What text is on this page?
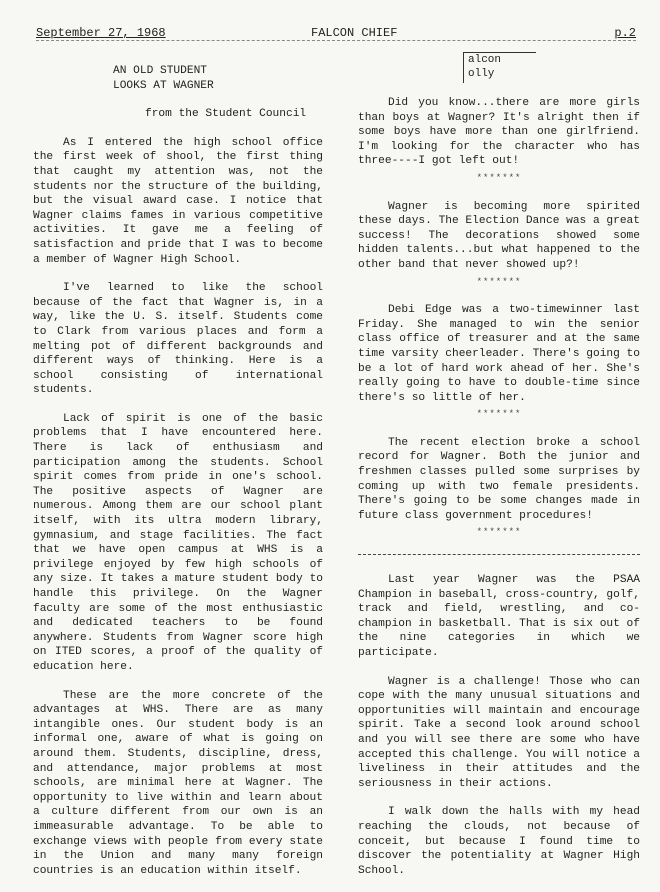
September 27, 1968	FALCON CHIEF	p.2
alcon
olly
AN OLD STUDENT
LOOKS AT WAGNER
from the Student Council

As I entered the high school office the first week of shool, the first thing that caught my attention was, not the students nor the structure of the building, but the visual award case. I notice that Wagner claims fames in various competitive activities. It gave me a feeling of satisfaction and pride that I was to become a member of Wagner High School.

I've learned to like the school because of the fact that Wagner is, in a way, like the U. S. itself. Students come to Clark from various places and form a melting pot of different backgrounds and different ways of thinking. Here is a school consisting of international students.

Lack of spirit is one of the basic problems that I have encountered here. There is lack of enthusiasm and participation among the students. School spirit comes from pride in one's school. The positive aspects of Wagner are numerous. Among them are our school plant itself, with its ultra modern library, gymnasium, and stage facilities. The fact that we have open campus at WHS is a privilege enjoyed by few high schools of any size. It takes a mature student body to handle this privilege. On the Wagner faculty are some of the most enthusiastic and dedicated teachers to be found anywhere. Students from Wagner score high on ITED scores, a proof of the quality of education here.

These are the more concrete of the advantages at WHS. There are as many intangible ones. Our student body is an informal one, aware of what is going on around them. Students, discipline, dress, and attendance, major problems at most schools, are minimal here at Wagner. The opportunity to live within and learn about a culture different from our own is an immeasurable advantage. To be able to exchange views with people from every state in the Union and many many foreign countries is an education within itself.

Did you know...there are more girls than boys at Wagner? It's alright then if some boys have more than one girlfriend. I'm looking for the character who has three----I got left out!

*******

Wagner is becoming more spirited these days. The Election Dance was a great success! The decorations showed some hidden talents...but what happened to the other band that never showed up?!

*******

Debi Edge was a two-timewinner last Friday. She managed to win the senior class office of treasurer and at the same time varsity cheerleader. There's going to be a lot of hard work ahead of her. She's really going to have to double-time since there's so little of her.

*******

The recent election broke a school record for Wagner. Both the junior and freshmen classes pulled some surprises by coming up with two female presidents. There's going to be some changes made in future class government procedures!

*******

Last year Wagner was the PSAA Champion in baseball, cross-country, golf, track and field, wrestling, and co-champion in basketball. That is six out of the nine categories in which we participate.

Wagner is a challenge! Those who can cope with the many unusual situations and opportunities will maintain and encourage spirit. Take a second look around school and you will see there are some who have accepted this challenge. You will notice a liveliness in their attitudes and the seriousness in their actions.

I walk down the halls with my head reaching the clouds, not because of conceit, but because I found time to discover the potentiality at Wagner High School.
